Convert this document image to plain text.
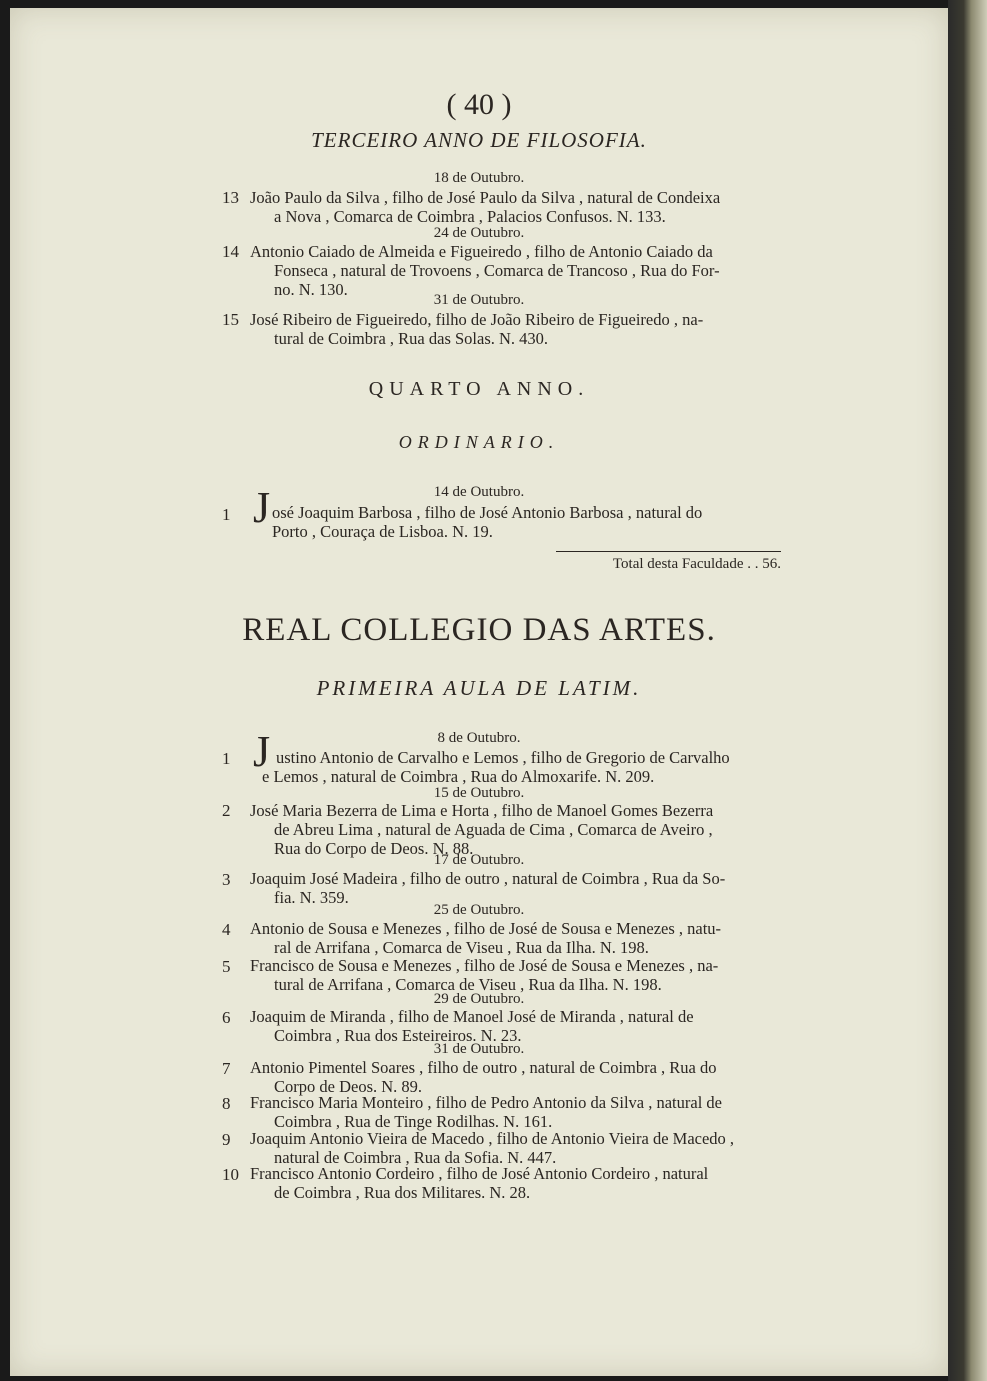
( 40 )
TERCEIRO ANNO DE FILOSOFIA.
18 de Outubro.
13 João Paulo da Silva , filho de José Paulo da Silva , natural de Condeixa
a Nova , Comarca de Coimbra , Palacios Confusos. N. 133.
24 de Outubro.
14 Antonio Caiado de Almeida e Figueiredo , filho de Antonio Caiado da
Fonseca , natural de Trovoens , Comarca de Trancoso , Rua do For-
no. N. 130.
31 de Outubro.
15 José Ribeiro de Figueiredo, filho de João Ribeiro de Figueiredo , na-
tural de Coimbra , Rua das Solas. N. 430.
QUARTO ANNO.
ORDINARIO.
14 de Outubro.
1 J osé Joaquim Barbosa , filho de José Antonio Barbosa , natural do
Porto , Couraça de Lisboa. N. 19.
Total desta Faculdade . . 56.
REAL COLLEGIO DAS ARTES.
PRIMEIRA AULA DE LATIM.
8 de Outubro.
1 J ustino Antonio de Carvalho e Lemos , filho de Gregorio de Carvalho
e Lemos , natural de Coimbra , Rua do Almoxarife. N. 209.
15 de Outubro.
2 José Maria Bezerra de Lima e Horta , filho de Manoel Gomes Bezerra
de Abreu Lima , natural de Aguada de Cima , Comarca de Aveiro ,
Rua do Corpo de Deos. N. 88.
17 de Outubro.
3 Joaquim José Madeira , filho de outro , natural de Coimbra , Rua da So-
fia. N. 359.
25 de Outubro.
4 Antonio de Sousa e Menezes , filho de José de Sousa e Menezes , natu-
ral de Arrifana , Comarca de Viseu , Rua da Ilha. N. 198.
5 Francisco de Sousa e Menezes , filho de José de Sousa e Menezes , na-
tural de Arrifana , Comarca de Viseu , Rua da Ilha. N. 198.
29 de Outubro.
6 Joaquim de Miranda , filho de Manoel José de Miranda , natural de
Coimbra , Rua dos Esteireiros. N. 23.
31 de Outubro.
7 Antonio Pimentel Soares , filho de outro , natural de Coimbra , Rua do
Corpo de Deos. N. 89.
8 Francisco Maria Monteiro , filho de Pedro Antonio da Silva , natural de
Coimbra , Rua de Tinge Rodilhas. N. 161.
9 Joaquim Antonio Vieira de Macedo , filho de Antonio Vieira de Macedo ,
natural de Coimbra , Rua da Sofia. N. 447.
10 Francisco Antonio Cordeiro , filho de José Antonio Cordeiro , natural
de Coimbra , Rua dos Militares. N. 28.
